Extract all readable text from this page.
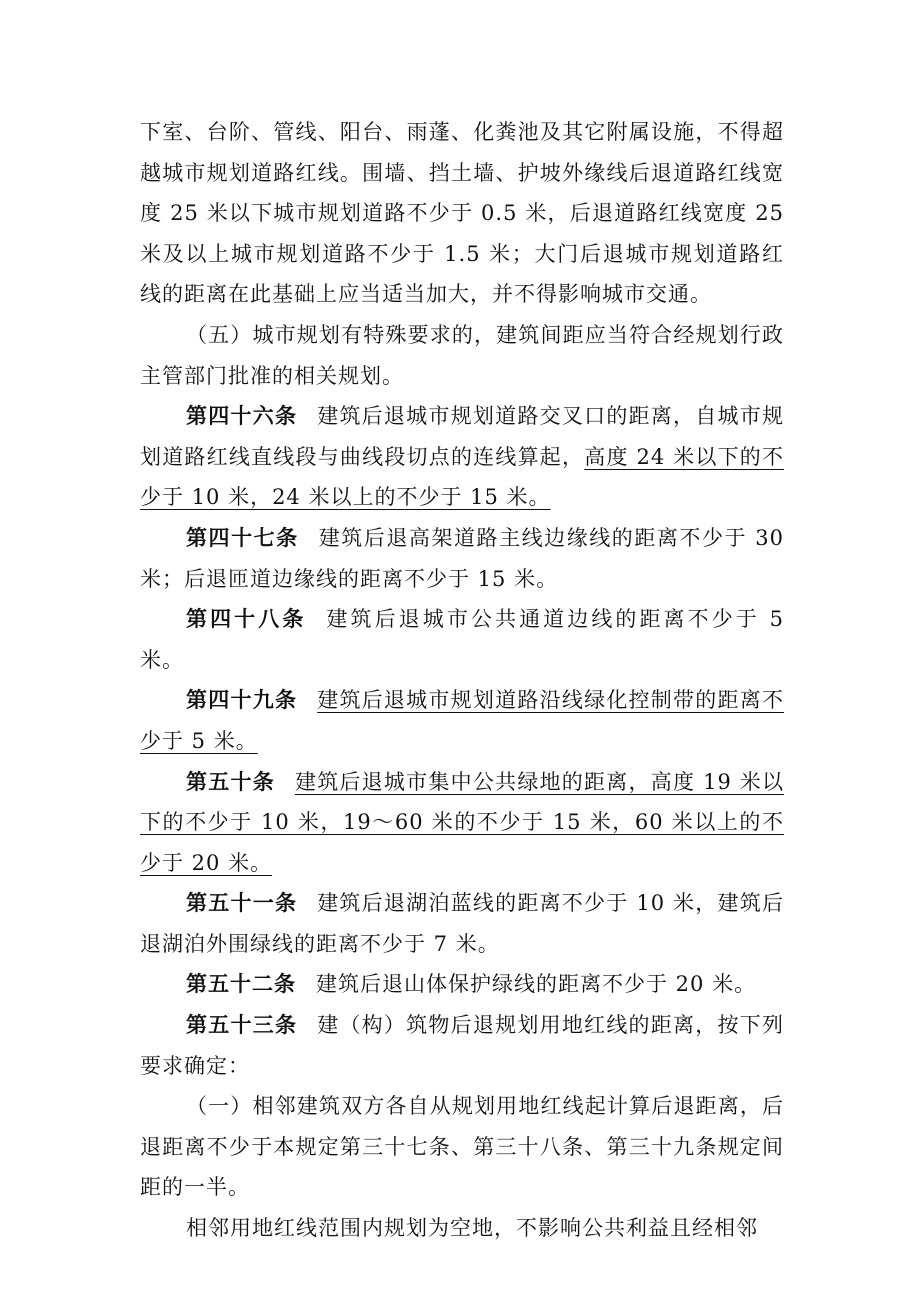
下室、台阶、管线、阳台、雨蓬、化粪池及其它附属设施，不得超越城市规划道路红线。围墙、挡土墙、护坡外缘线后退道路红线宽度 25 米以下城市规划道路不少于 0.5 米，后退道路红线宽度 25 米及以上城市规划道路不少于 1.5 米；大门后退城市规划道路红线的距离在此基础上应当适当加大，并不得影响城市交通。

（五）城市规划有特殊要求的，建筑间距应当符合经规划行政主管部门批准的相关规划。

第四十六条 建筑后退城市规划道路交叉口的距离，自城市规划道路红线直线段与曲线段切点的连线算起，高度 24 米以下的不少于 10 米，24 米以上的不少于 15 米。

第四十七条 建筑后退高架道路主线边缘线的距离不少于 30 米；后退匝道边缘线的距离不少于 15 米。

第四十八条 建筑后退城市公共通道边线的距离不少于 5 米。

第四十九条 建筑后退城市规划道路沿线绿化控制带的距离不少于 5 米。

第五十条 建筑后退城市集中公共绿地的距离，高度 19 米以下的不少于 10 米，19～60 米的不少于 15 米，60 米以上的不少于 20 米。

第五十一条 建筑后退湖泊蓝线的距离不少于 10 米，建筑后退湖泊外围绿线的距离不少于 7 米。

第五十二条 建筑后退山体保护绿线的距离不少于 20 米。

第五十三条 建（构）筑物后退规划用地红线的距离，按下列要求确定：

（一）相邻建筑双方各自从规划用地红线起计算后退距离，后退距离不少于本规定第三十七条、第三十八条、第三十九条规定间距的一半。

相邻用地红线范围内规划为空地，不影响公共利益且经相邻
